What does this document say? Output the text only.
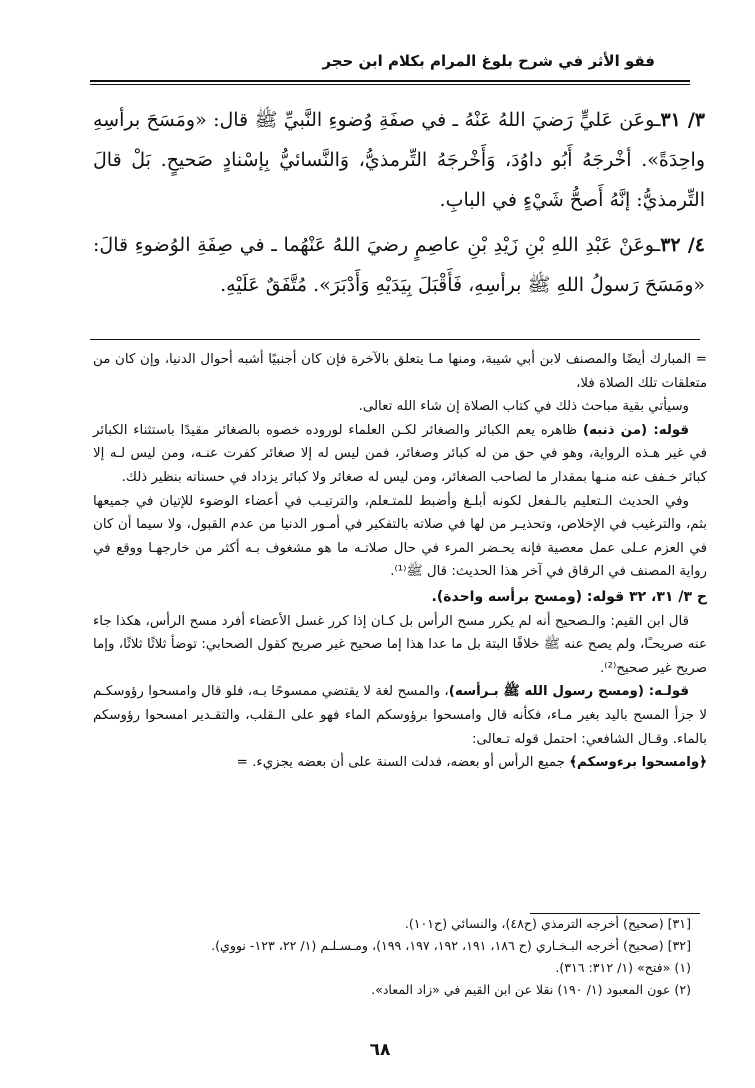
فقو الأثر في شرح بلوغ المرام بكلام ابن حجر
٣/ ٣١ـوعَن عَليٍّ رَضيَ اللهُ عَنْهُ ـ في صفَةِ وُضوءِ النَّبيِّ ﷺ قال: «ومَسَحَ برأسِهِ واحِدَةً». أخْرجَهُ أَبُو داوُدَ، وَأَخْرجَهُ التِّرمذيُّ، وَالنَّسائيُّ بِإسْنادٍ صَحيحٍ. بَلْ قالَ التِّرمذيُّ: إنَّهُ أَصحُّ شَيْءٍ في البابِ.
٤/ ٣٢ـوعَنْ عَبْدِ اللهِ بْنِ زَيْدِ بْنِ عاصِمٍ رضيَ اللهُ عَنْهُما ـ في صِفَةِ الوُضوءِ قالَ: «ومَسَحَ رَسولُ اللهِ ﷺ برأسِهِ، فَأَقْبَلَ بِيَدَيْهِ وَأَدْبَرَ». مُتَّفَقٌ عَلَيْهِ.

= المبارك أيضًا والمصنف لابن أبي شيبة، ومنها مـا يتعلق بالآخرة فإن كان أجنبيًا أشبه أحوال الدنيا، وإن كان من متعلقات تلك الصلاة فلا،

وسيأتي بقية مباحث ذلك في كتاب الصلاة إن شاء الله تعالى.

قوله: (من ذنبه) ظاهره يعم الكبائر والصغائر لكـن العلماء لوروده خصوه بالصغائر مقيدًا باستثناء الكبائر في غير هـذه الرواية، وهو في حق من له كبائر وصغائر، فمن ليس له إلا صغائر كفرت عنـه، ومن ليس لـه إلا كبائر خـفف عنه منـها بمقدار ما لصاحب الصغائر، ومن ليس له صغائر ولا كبائر يزداد في حسناته بنظير ذلك.

وفي الحديث الـتعليم بالـفعل لكونه أبلـغ وأضبط للمتـعلم، والترتيـب في أعضاء الوضوء للإتيان في جميعها بثم، والترغيب في الإخلاص، وتحذيـر من لها في صلاته بالتفكير في أمـور الدنيا من عدم القبول، ولا سيما أن كان في العزم عـلى عمل معصية فإنه يحـضر المرء في حال صلاتـه ما هو مشغوف بـه أكثر من خارجهـا ووقع في رواية المصنف في الرقاق في آخر هذا الحديث: قال ﷺ⁽¹⁾.

ح ٣/ ٣١، ٣٢ قوله: (ومسح برأسه واحدة).

قال ابن القيم: والـصحيح أنه لم يكرر مسح الرأس بل كـان إذا كرر غسل الأعضاء أفرد مسح الرأس، هكذا جاء عنه صريحـًا، ولم يصح عنه ﷺ خلافًا البتة بل ما عدا هذا إما صحيح غير صريح كقول الصحابي: توضأ ثلاثًا ثلاثًا، وإما صريح غير صحيح⁽²⁾.

قولـه: (ومسح رسول الله ﷺ بـرأسه)، والمسح لغة لا يقتضي ممسوحًا بـه، فلو قال وامسحوا رؤوسكـم لا جزأ المسح باليد بغير مـاء، فكأنه قال وامسحوا برؤوسكم الماء فهو على الـقلب، والتقـدير امسحوا رؤوسكم بالماء. وقـال الشافعي: احتمل قوله تـعالى:

﴿وامسحوا برءوسكم﴾ جميع الرأس أو بعضه، فدلت السنة على أن بعضه يجزيء. =

[٣١] (صحيح) أخرجه الترمذي (ح٤٨)، والنسائي (ح١٠١).

[٣٢] (صحيح) أخرجه البـخـاري (ح ١٨٦، ١٩١، ١٩٢، ١٩٧، ١٩٩)، ومـسـلـم (١/ ٢٢، ١٢٣- نووي).

(١) «فتح» (١/ ٣١٢: ٣١٦).

(٢) عون المعبود (١/ ١٩٠) نقلا عن ابن القيم في «زاد المعاد».

٦٨
